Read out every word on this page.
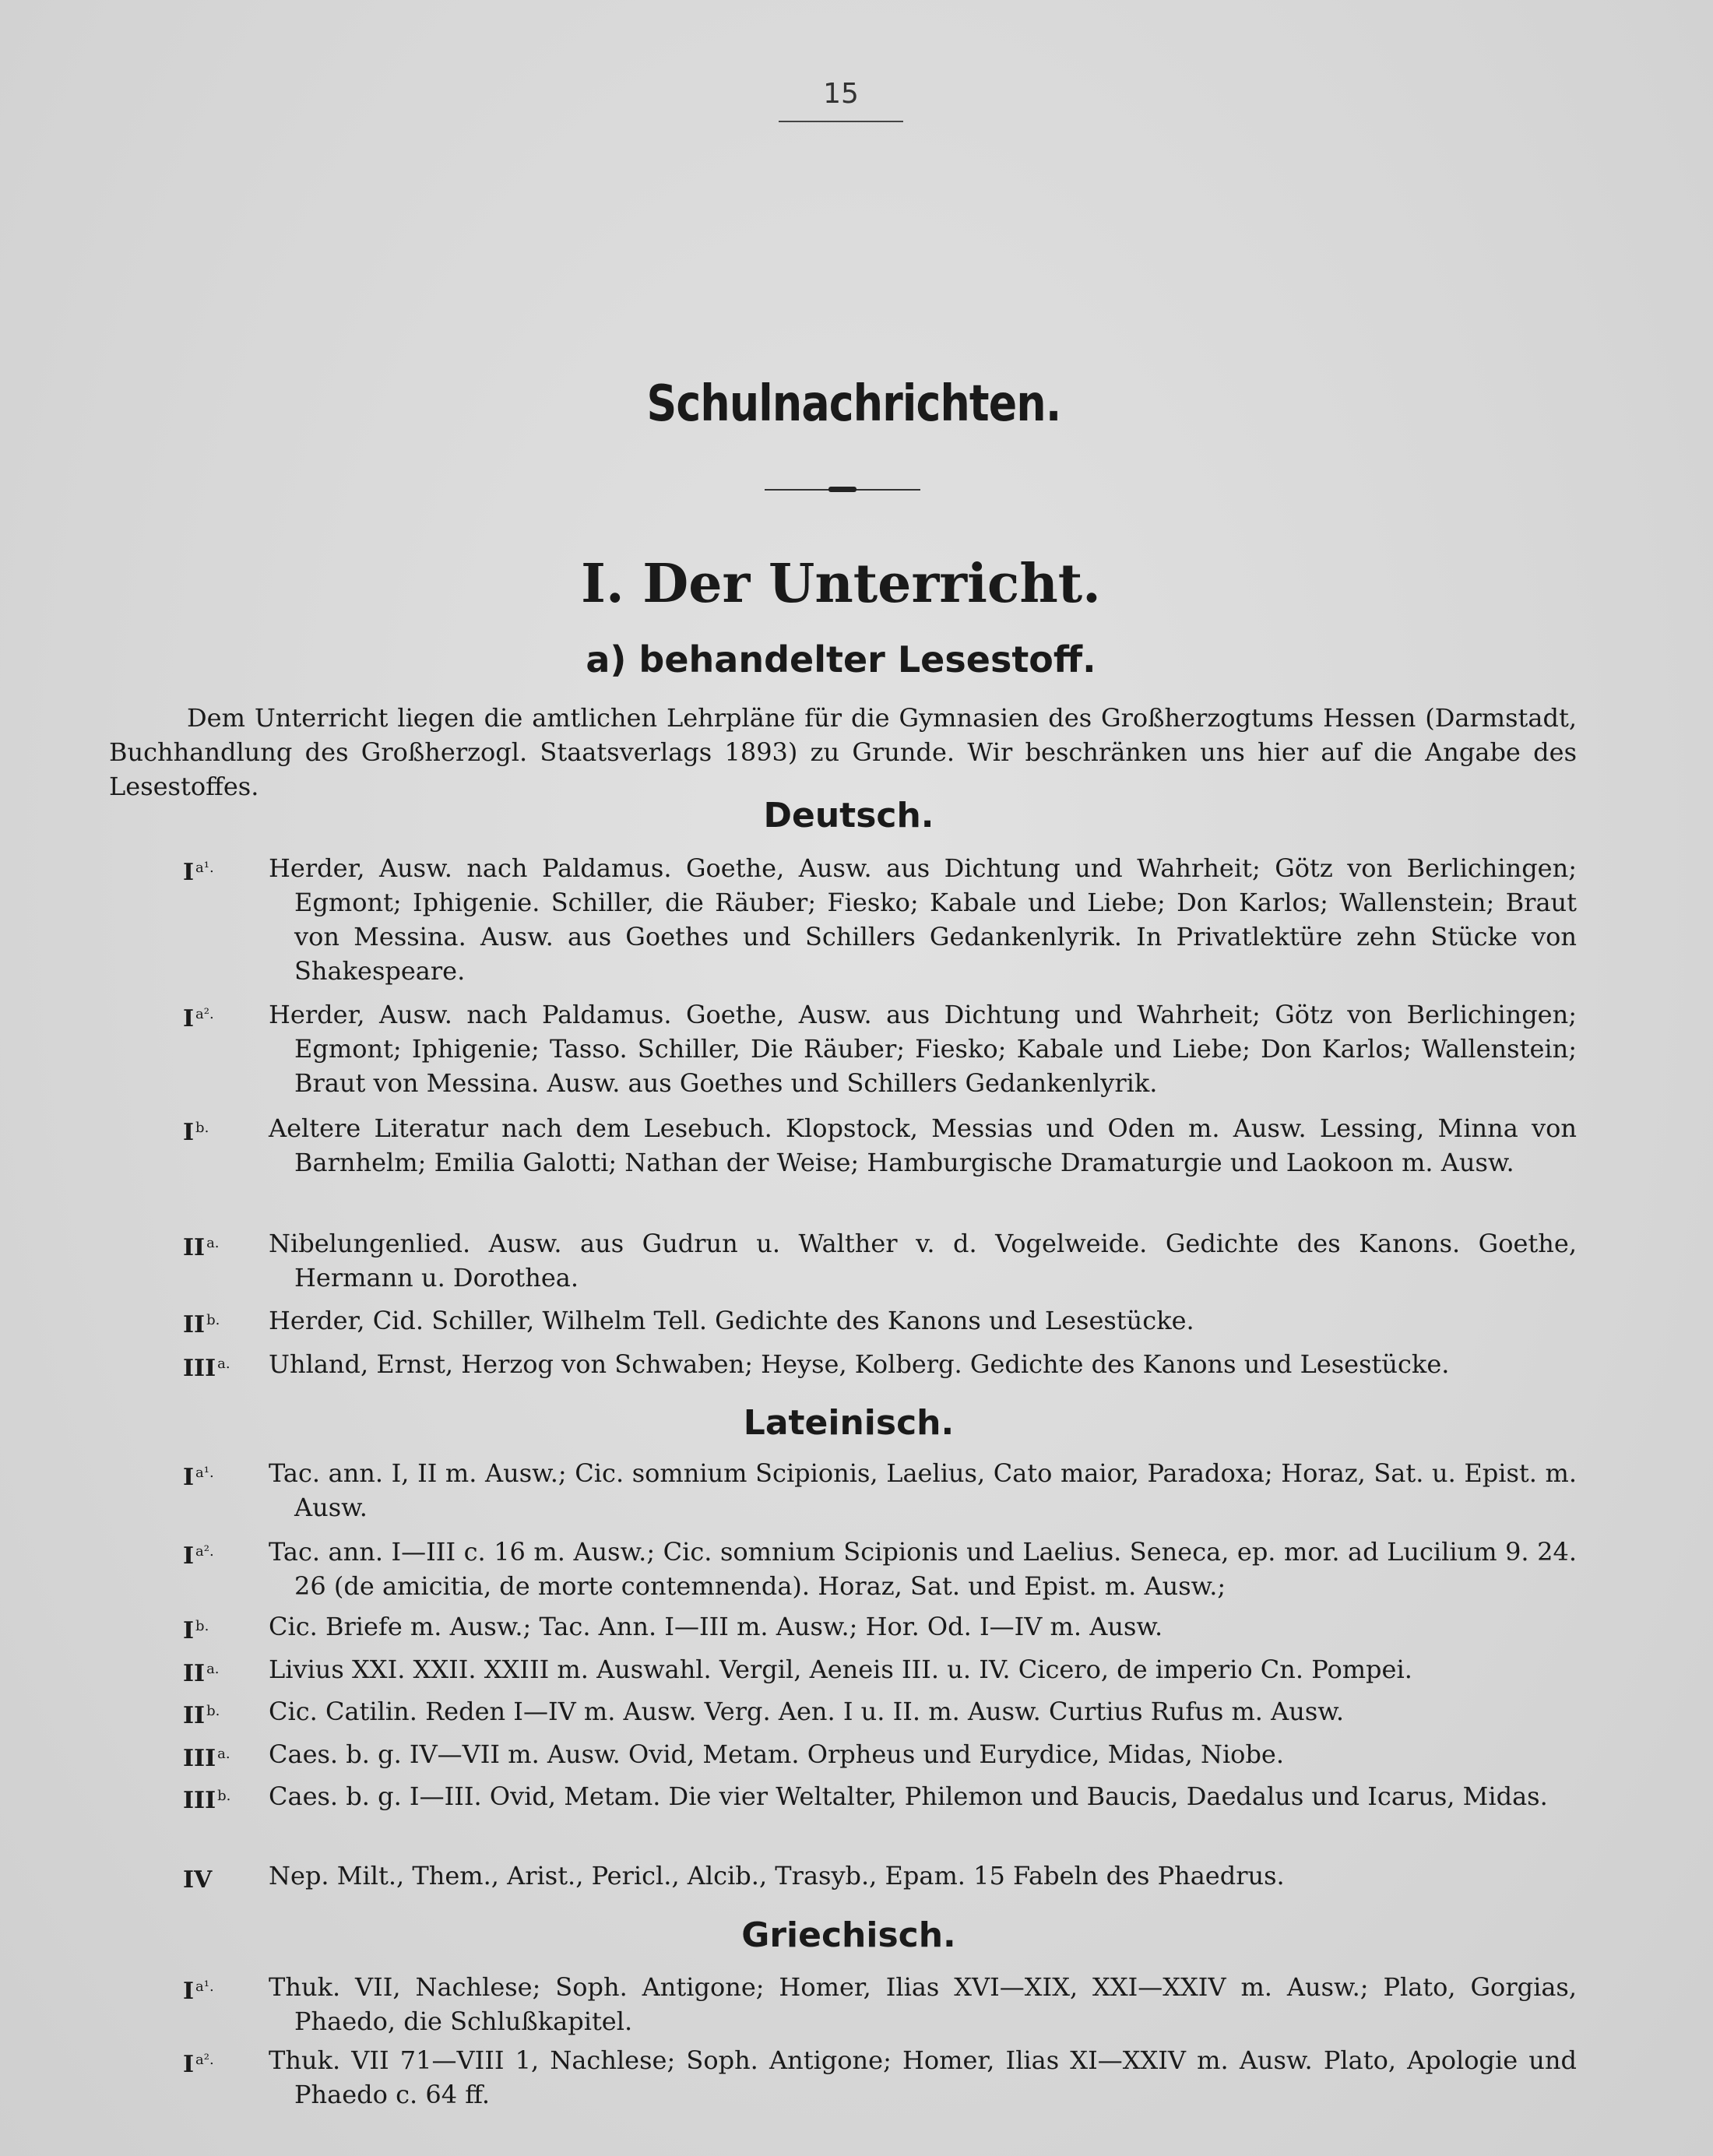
15
Schulnachrichten.
I. Der Unterricht.
a) behandelter Lesestoff.
Dem Unterricht liegen die amtlichen Lehrpläne für die Gymnasien des Großherzogtums Hessen (Darmstadt, Buchhandlung des Großherzogl. Staatsverlags 1893) zu Grunde. Wir beschränken uns hier auf die Angabe des Lesestoffes.
Deutsch.
I $^{a^1.}$	Herder, Ausw. nach Paldamus. Goethe, Ausw. aus Dichtung und Wahrheit; Götz von Berlichingen; Egmont; Iphigenie. Schiller, die Räuber; Fiesko; Kabale und Liebe; Don Karlos; Wallenstein; Braut von Messina. Ausw. aus Goethes und Schillers Gedankenlyrik. In Privatlektüre zehn Stücke von Shakespeare.
I $^{a^2.}$	Herder, Ausw. nach Paldamus. Goethe, Ausw. aus Dichtung und Wahrheit; Götz von Berlichingen; Egmont; Iphigenie; Tasso. Schiller, Die Räuber; Fiesko; Kabale und Liebe; Don Karlos; Wallenstein; Braut von Messina. Ausw. aus Goethes und Schillers Gedankenlyrik.
I $^{b.}$	Aeltere Literatur nach dem Lesebuch. Klopstock, Messias und Oden m. Ausw. Lessing, Minna von Barnhelm; Emilia Galotti; Nathan der Weise; Hamburgische Dramaturgie und Laokoon m. Ausw.
II $^{a.}$	Nibelungenlied. Ausw. aus Gudrun u. Walther v. d. Vogelweide. Gedichte des Kanons. Goethe, Hermann u. Dorothea.
II $^{b.}$	Herder, Cid. Schiller, Wilhelm Tell. Gedichte des Kanons und Lesestücke.
III $^{a.}$	Uhland, Ernst, Herzog von Schwaben; Heyse, Kolberg. Gedichte des Kanons und Lesestücke.
Lateinisch.
I $^{a^1.}$	Tac. ann. I, II m. Ausw.; Cic. somnium Scipionis, Laelius, Cato maior, Paradoxa; Horaz, Sat. u. Epist. m. Ausw.
I $^{a^2.}$	Tac. ann. I—III c. 16 m. Ausw.; Cic. somnium Scipionis und Laelius. Seneca, ep. mor. ad Lucilium 9. 24. 26 (de amicitia, de morte contemnenda). Horaz, Sat. und Epist. m. Ausw.;
I $^{b.}$	Cic. Briefe m. Ausw.; Tac. Ann. I—III m. Ausw.; Hor. Od. I—IV m. Ausw.
II $^{a.}$	Livius XXI. XXII. XXIII m. Auswahl. Vergil, Aeneis III. u. IV. Cicero, de imperio Cn. Pompei.
II $^{b.}$	Cic. Catilin. Reden I—IV m. Ausw. Verg. Aen. I u. II. m. Ausw. Curtius Rufus m. Ausw.
III $^{a.}$	Caes. b. g. IV—VII m. Ausw. Ovid, Metam. Orpheus und Eurydice, Midas, Niobe.
III $^{b.}$	Caes. b. g. I—III. Ovid, Metam. Die vier Weltalter, Philemon und Baucis, Daedalus und Icarus, Midas.
IV	Nep. Milt., Them., Arist., Pericl., Alcib., Trasyb., Epam. 15 Fabeln des Phaedrus.
Griechisch.
I $^{a^1.}$	Thuk. VII, Nachlese; Soph. Antigone; Homer, Ilias XVI—XIX, XXI—XXIV m. Ausw.; Plato, Gorgias, Phaedo, die Schlußkapitel.
I $^{a^2.}$	Thuk. VII 71—VIII 1, Nachlese; Soph. Antigone; Homer, Ilias XI—XXIV m. Ausw. Plato, Apologie und Phaedo c. 64 ff.
